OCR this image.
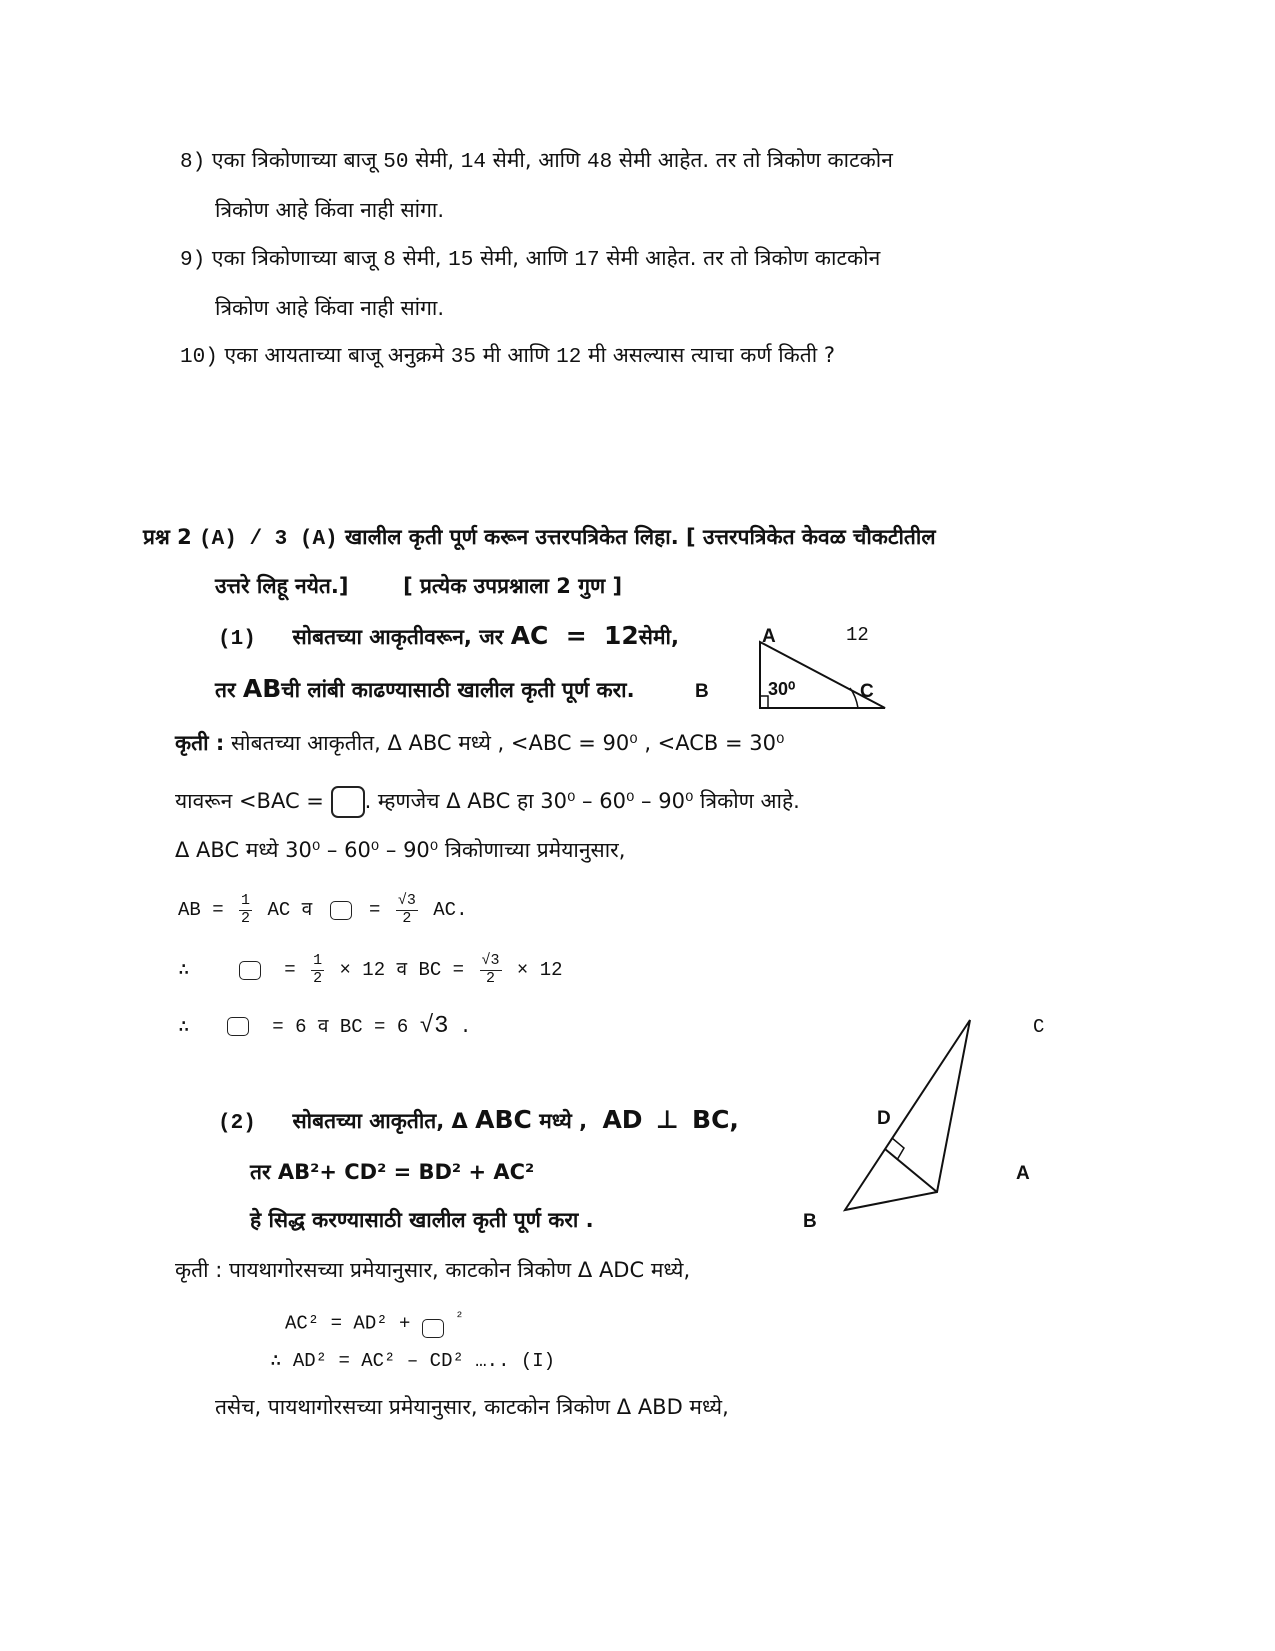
8) एका त्रिकोणाच्या बाजू 50 सेमी, 14 सेमी, आणि 48 सेमी आहेत. तर तो त्रिकोण काटकोन
त्रिकोण आहे किंवा नाही सांगा.
9) एका त्रिकोणाच्या बाजू 8 सेमी, 15 सेमी, आणि 17 सेमी आहेत. तर तो त्रिकोण काटकोन
त्रिकोण आहे किंवा नाही सांगा.
10) एका आयताच्या बाजू अनुक्रमे 35 मी आणि 12 मी असल्यास त्याचा कर्ण किती ?
प्रश्न 2 (A) / 3 (A) खालील कृती पूर्ण करून उत्तरपत्रिकेत लिहा. [ उत्तरपत्रिकेत केवळ चौकटीतील
उत्तरे लिहू नयेत.]	[ प्रत्येक उपप्रश्नाला 2 गुण ]
(1) सोबतच्या आकृतीवरून, जर AC = 12सेमी,
तर ABची लांबी काढण्यासाठी खालील कृती पूर्ण करा.
A	12
B	30⁰	C
कृती : सोबतच्या आकृतीत, Δ ABC मध्ये , <ABC = 90⁰ , <ACB = 30⁰
यावरून <BAC = . म्हणजेच Δ ABC हा 30⁰ – 60⁰ – 90⁰ त्रिकोण आहे.
Δ ABC मध्ये 30⁰ – 60⁰ – 90⁰ त्रिकोणाच्या प्रमेयानुसार,
AB = $\frac{1}{2}$ AC व	= $\frac{√3}{2}$ AC.
∴	= $\frac{1}{2} \times 12$ व BC = $\frac{√3}{2} \times 12$
∴	= 6 व BC = 6 √3 .	C
D
A
B
(2) सोबतच्या आकृतीत, Δ ABC मध्ये , AD ⊥ BC,
तर AB²+ CD² = BD² + AC²
हे सिद्ध करण्यासाठी खालील कृती पूर्ण करा .
कृती : पायथागोरसच्या प्रमेयानुसार, काटकोन त्रिकोण Δ ADC मध्ये,
AC² = AD² +	$^{^2}$
∴ AD² = AC² – CD² ….. (I)
तसेच, पायथागोरसच्या प्रमेयानुसार, काटकोन त्रिकोण Δ ABD मध्ये,
